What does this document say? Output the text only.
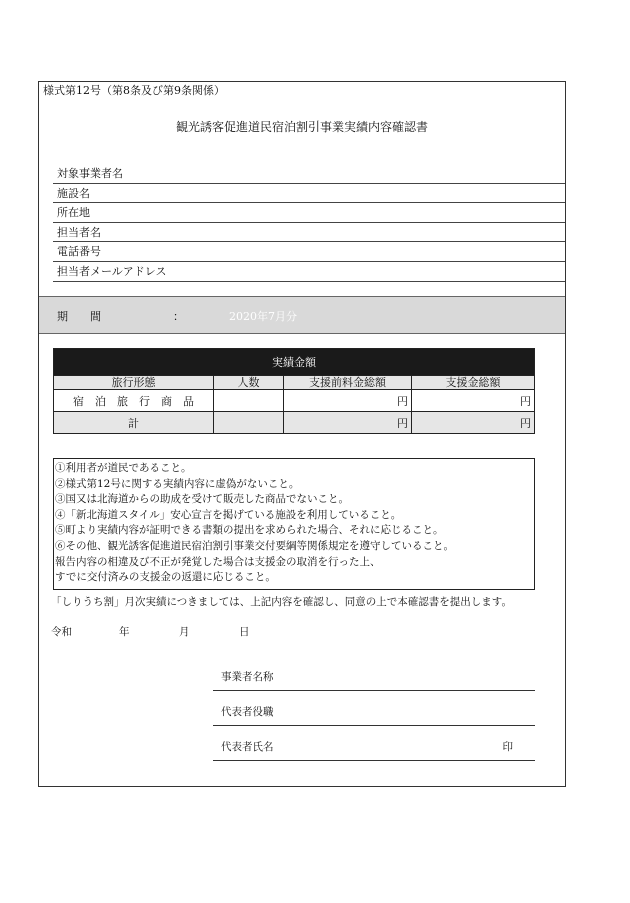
様式第12号（第8条及び第9条関係）
観光誘客促進道民宿泊割引事業実績内容確認書
対象事業者名
施設名
所在地
担当者名
電話番号
担当者メールアドレス
期　　間	：	2020年7月分
実績金額			
旅行形態	人数	支援前料金総額	支援金総額
宿　泊　旅　行　商　品		円	円
計		円	円
①利用者が道民であること。
②様式第12号に関する実績内容に虚偽がないこと。
③国又は北海道からの助成を受けて販売した商品でないこと。
④「新北海道スタイル」安心宣言を掲げている施設を利用していること。
⑤町より実績内容が証明できる書類の提出を求められた場合、それに応じること。
⑥その他、観光誘客促進道民宿泊割引事業交付要綱等関係規定を遵守していること。
報告内容の相違及び不正が発覚した場合は支援金の取消を行った上、
すでに交付済みの支援金の返還に応じること。
「しりうち割」月次実績につきましては、上記内容を確認し、同意の上で本確認書を提出します。
令和	年	月	日
事業者名称
代表者役職
代表者氏名	印
